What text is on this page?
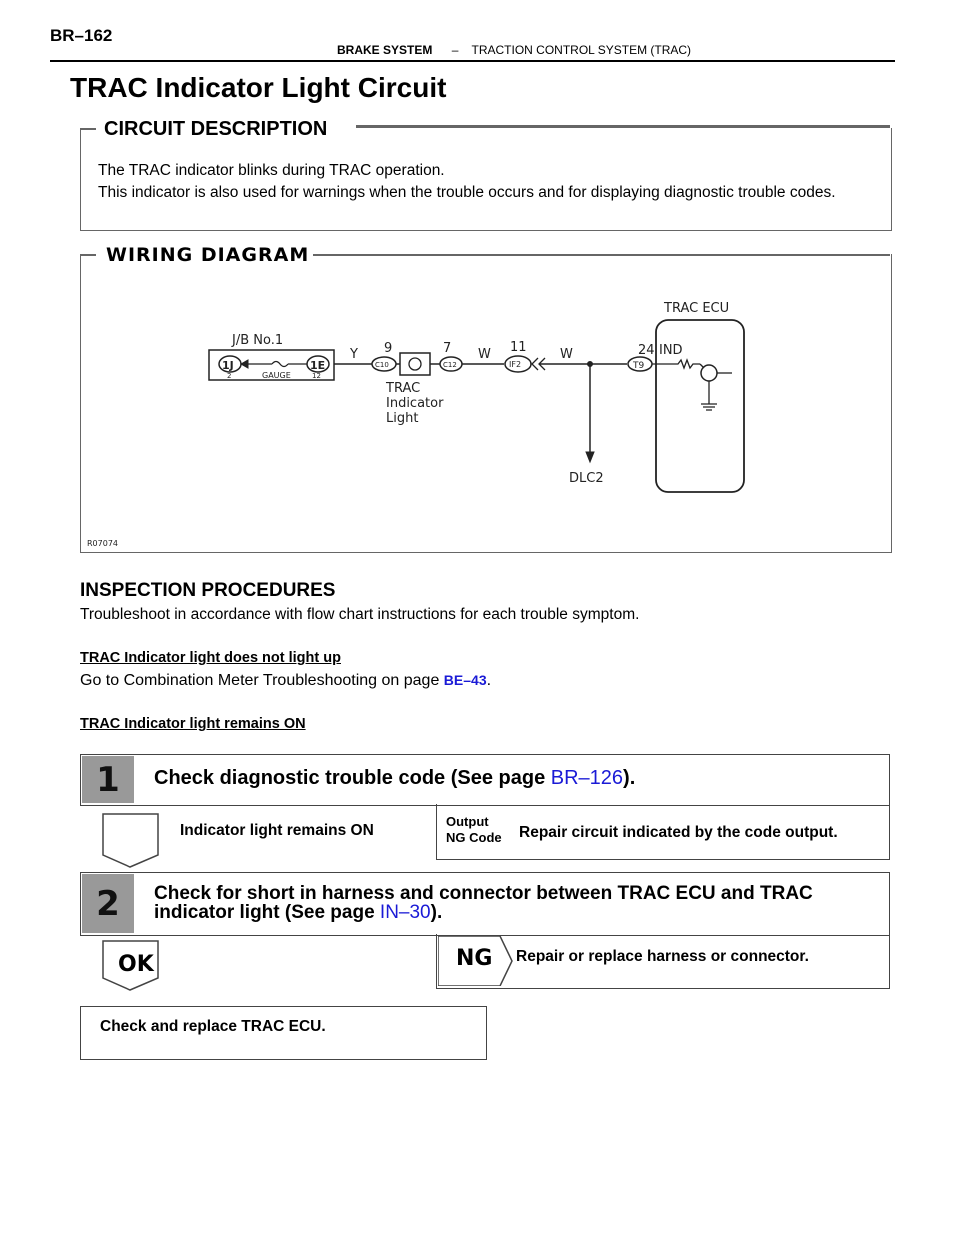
BR–162
BRAKE SYSTEM – TRACTION CONTROL SYSTEM (TRAC)
TRAC Indicator Light Circuit
CIRCUIT DESCRIPTION
The TRAC indicator blinks during TRAC operation.
This indicator is also used for warnings when the trouble occurs and for displaying diagnostic trouble codes.
WIRING DIAGRAM
J/B No.1
1J
2
1E
12
GAUGE
Y
C10
9
C12
7
TRAC
Indicator
Light
W
IF2
11	W
DLC2
T9
24 IND
TRAC ECU
R07074
INSPECTION PROCEDURES
Troubleshoot in accordance with flow chart instructions for each trouble symptom.
TRAC Indicator light does not light up
Go to Combination Meter Troubleshooting on page BE–43.
TRAC Indicator light remains ON
1	Check diagnostic trouble code (See page BR–126).
Indicator light remains ON
Output
NG Code Repair circuit indicated by the code output.
2	Check for short in harness and connector between TRAC ECU and TRAC
indicator light (See page IN–30).
OK	NG Repair or replace harness or connector.
Check and replace TRAC ECU.
